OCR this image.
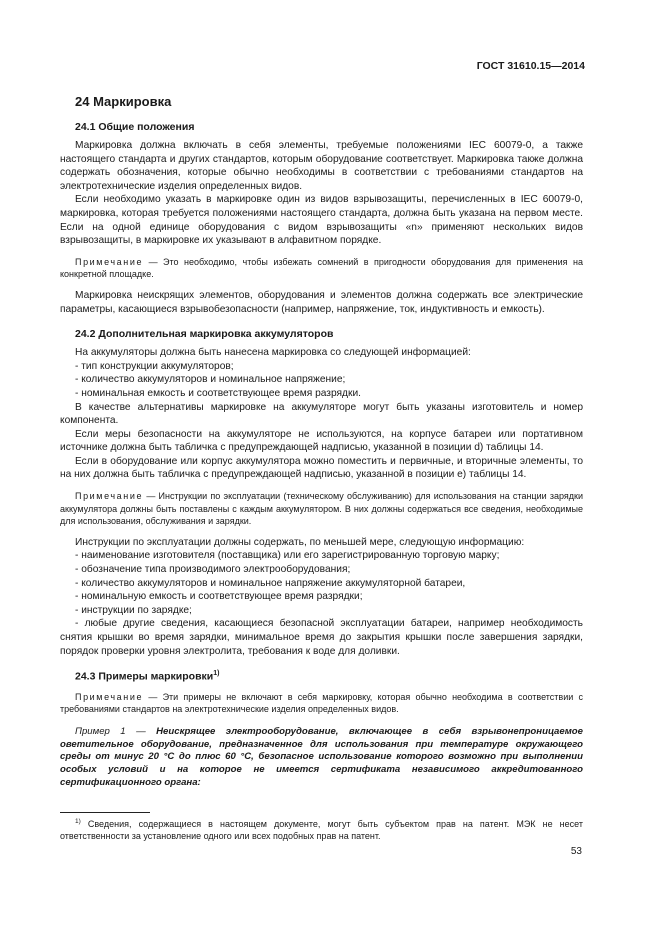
ГОСТ 31610.15—2014
24 Маркировка
24.1 Общие положения

Маркировка должна включать в себя элементы, требуемые положениями IEC 60079-0, а также настоящего стандарта и других стандартов, которым оборудование соответствует. Маркировка также должна содержать обозначения, которые обычно необходимы в соответствии с требованиями стандартов на электротехнические изделия определенных видов.

Если необходимо указать в маркировке один из видов взрывозащиты, перечисленных в IEC 60079-0, маркировка, которая требуется положениями настоящего стандарта, должна быть указана на первом месте. Если на одной единице оборудования с видом взрывозащиты «n» применяют нескольких видов взрывозащиты, в маркировке их указывают в алфавитном порядке.

Примечание — Это необходимо, чтобы избежать сомнений в пригодности оборудования для применения на конкретной площадке.

Маркировка неискрящих элементов, оборудования и элементов должна содержать все электрические параметры, касающиеся взрывобезопасности (например, напряжение, ток, индуктивность и емкость).

24.2 Дополнительная маркировка аккумуляторов

На аккумуляторы должна быть нанесена маркировка со следующей информацией:

- тип конструкции аккумуляторов;
- количество аккумуляторов и номинальное напряжение;
- номинальная емкость и соответствующее время разрядки.

В качестве альтернативы маркировке на аккумуляторе могут быть указаны изготовитель и номер компонента.

Если меры безопасности на аккумуляторе не используются, на корпусе батареи или портативном источнике должна быть табличка с предупреждающей надписью, указанной в позиции d) таблицы 14.

Если в оборудование или корпус аккумулятора можно поместить и первичные, и вторичные элементы, то на них должна быть табличка с предупреждающей надписью, указанной в позиции е) таблицы 14.

Примечание — Инструкции по эксплуатации (техническому обслуживанию) для использования на станции зарядки аккумулятора должны быть поставлены с каждым аккумулятором. В них должны содержаться все сведения, необходимые для использования, обслуживания и зарядки.

Инструкции по эксплуатации должны содержать, по меньшей мере, следующую информацию:

- наименование изготовителя (поставщика) или его зарегистрированную торговую марку;
- обозначение типа производимого электрооборудования;
- количество аккумуляторов и номинальное напряжение аккумуляторной батареи,
- номинальную емкость и соответствующее время разрядки;
- инструкции по зарядке;

- любые другие сведения, касающиеся безопасной эксплуатации батареи, например необходимость снятия крышки во время зарядки, минимальное время до закрытия крышки после завершения зарядки, порядок проверки уровня электролита, требования к воде для доливки.

24.3 Примеры маркировки$^{1)}$
Примечание — Эти примеры не включают в себя маркировку, которая обычно необходима в соответствии с требованиями стандартов на электротехнические изделия определенных видов.
Пример 1 — Неискрящее электрооборудование, включающее в себя взрывонепроницаемое оветительное оборудование, предназначенное для использования при температуре окружающего среды от минус 20 °С до плюс 60 °С, безопасное использование которого возможно при выполнении особых условий и на которое не имеется сертификата независимого аккредитованного сертификационного органа:
$^{1)}$ Сведения, содержащиеся в настоящем документе, могут быть субъектом прав на патент. МЭК не несет ответственности за установление одного или всех подобных прав на патент.
53
